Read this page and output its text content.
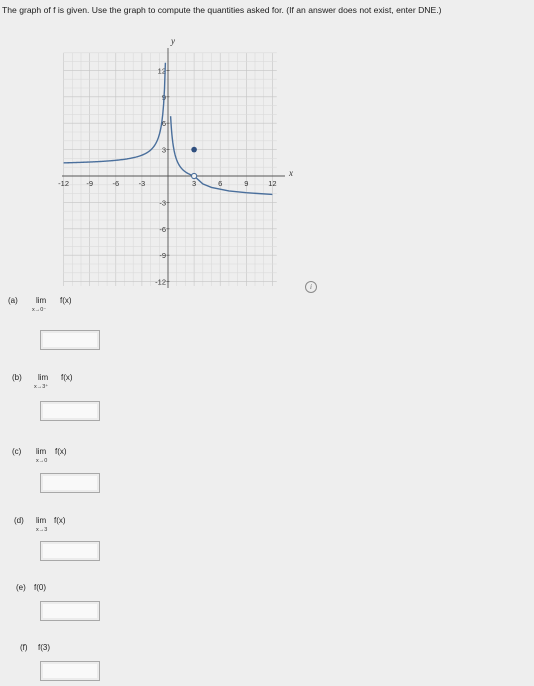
The graph of f is given. Use the graph to compute the quantities asked for. (If an answer does not exist, enter DNE.)
-12 -9	-6	-3	3	6	9	12
12
9
6
3
-3
-6
-9
-12
y
x
i
(a) lim
x→0⁻
f(x)
(b) lim
x→3⁺
f(x)
(c) lim
x→0
f(x)
(d) lim
x→3
f(x)
(e) f(0)
(f) f(3)
